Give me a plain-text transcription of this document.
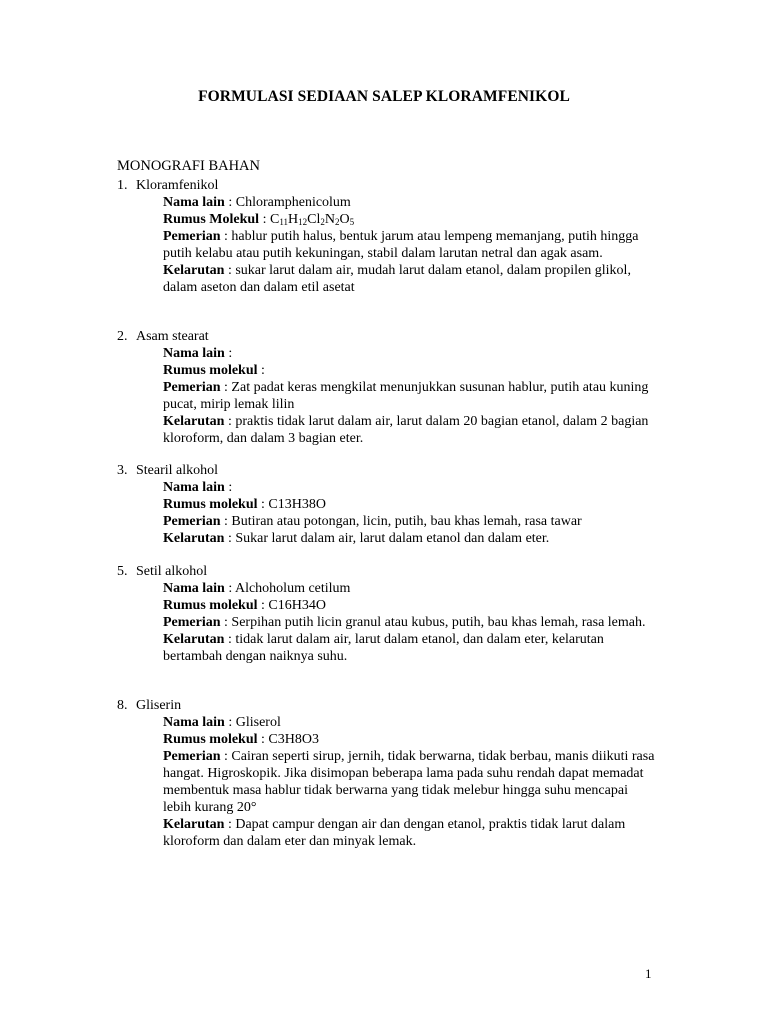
FORMULASI SEDIAAN SALEP KLORAMFENIKOL
MONOGRAFI BAHAN
1. Kloramfenikol
Nama lain : Chloramphenicolum
Rumus Molekul : $C_{11}H_{12}Cl_2N_2O_5$
Pemerian : hablur putih halus, bentuk jarum atau lempeng memanjang, putih hingga putih kelabu atau putih kekuningan, stabil dalam larutan netral dan agak asam.
Kelarutan : sukar larut dalam air, mudah larut dalam etanol, dalam propilen glikol, dalam aseton dan dalam etil asetat
2. Asam stearat
Nama lain :
Rumus molekul :
Pemerian : Zat padat keras mengkilat menunjukkan susunan hablur, putih atau kuning pucat, mirip lemak lilin
Kelarutan : praktis tidak larut dalam air, larut dalam 20 bagian etanol, dalam 2 bagian kloroform, dan dalam 3 bagian eter.
3. Stearil alkohol
Nama lain :
Rumus molekul : C13H38O
Pemerian : Butiran atau potongan, licin, putih, bau khas lemah, rasa tawar
Kelarutan : Sukar larut dalam air, larut dalam etanol dan dalam eter.
5. Setil alkohol
Nama lain : Alchoholum cetilum
Rumus molekul : C16H34O
Pemerian : Serpihan putih licin granul atau kubus, putih, bau khas lemah, rasa lemah.
Kelarutan : tidak larut dalam air, larut dalam etanol, dan dalam eter, kelarutan bertambah dengan naiknya suhu.
8. Gliserin
Nama lain : Gliserol
Rumus molekul : C3H8O3
Pemerian : Cairan seperti sirup, jernih, tidak berwarna, tidak berbau, manis diikuti rasa hangat. Higroskopik. Jika disimopan beberapa lama pada suhu rendah dapat memadat membentuk masa hablur tidak berwarna yang tidak melebur hingga suhu mencapai lebih kurang 20°
Kelarutan : Dapat campur dengan air dan dengan etanol, praktis tidak larut dalam kloroform dan dalam eter dan minyak lemak.
1
